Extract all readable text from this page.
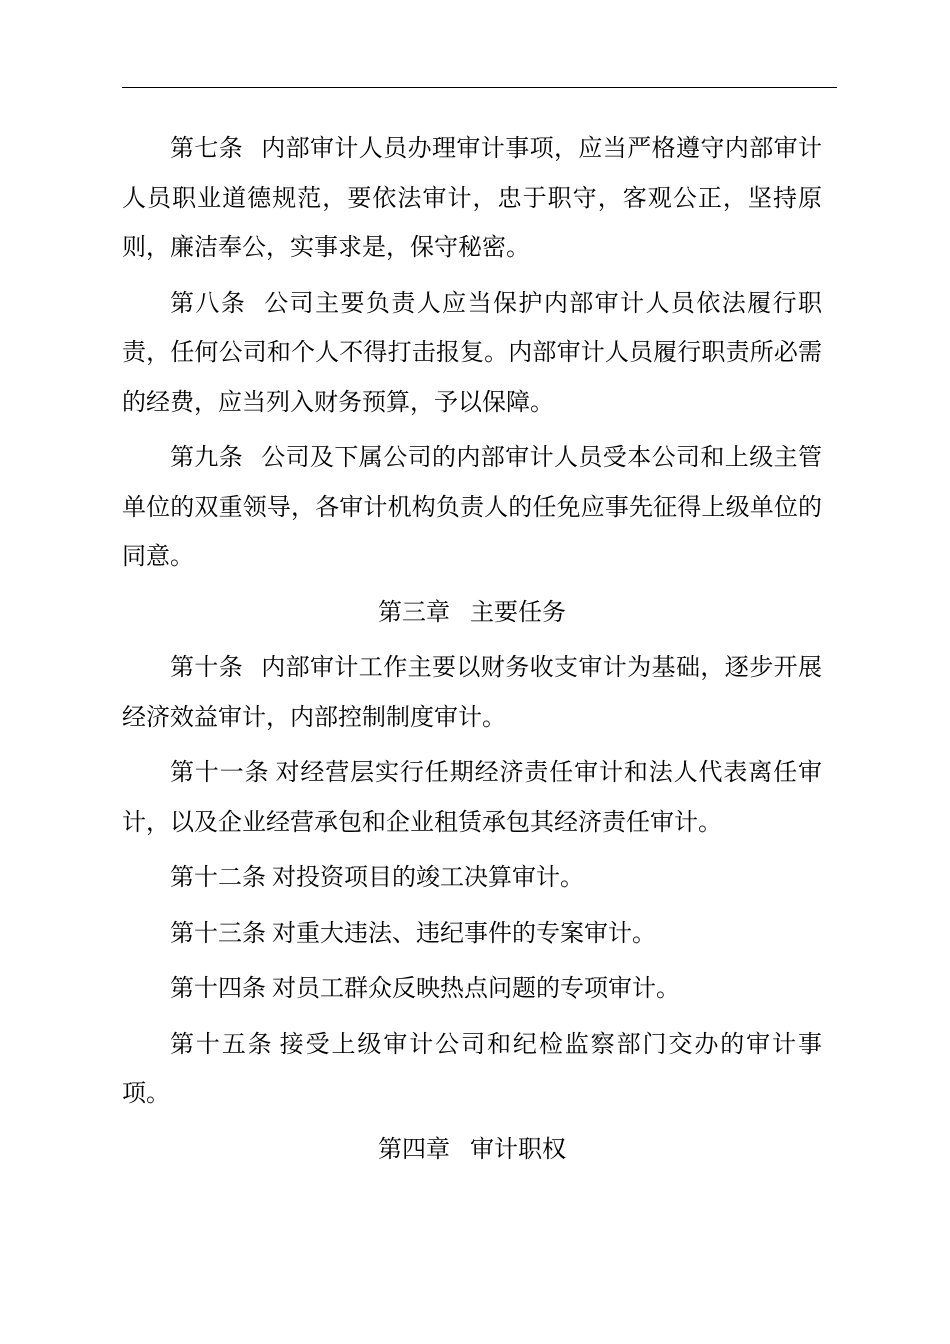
第七条 内部审计人员办理审计事项，应当严格遵守内部审计人员职业道德规范，要依法审计，忠于职守，客观公正，坚持原则，廉洁奉公，实事求是，保守秘密。

第八条 公司主要负责人应当保护内部审计人员依法履行职责，任何公司和个人不得打击报复。内部审计人员履行职责所必需的经费，应当列入财务预算，予以保障。

第九条 公司及下属公司的内部审计人员受本公司和上级主管单位的双重领导，各审计机构负责人的任免应事先征得上级单位的同意。

第三章 主要任务

第十条 内部审计工作主要以财务收支审计为基础，逐步开展经济效益审计，内部控制制度审计。

第十一条 对经营层实行任期经济责任审计和法人代表离任审计，以及企业经营承包和企业租赁承包其经济责任审计。

第十二条 对投资项目的竣工决算审计。

第十三条 对重大违法、违纪事件的专案审计。

第十四条 对员工群众反映热点问题的专项审计。

第十五条 接受上级审计公司和纪检监察部门交办的审计事项。

第四章 审计职权
